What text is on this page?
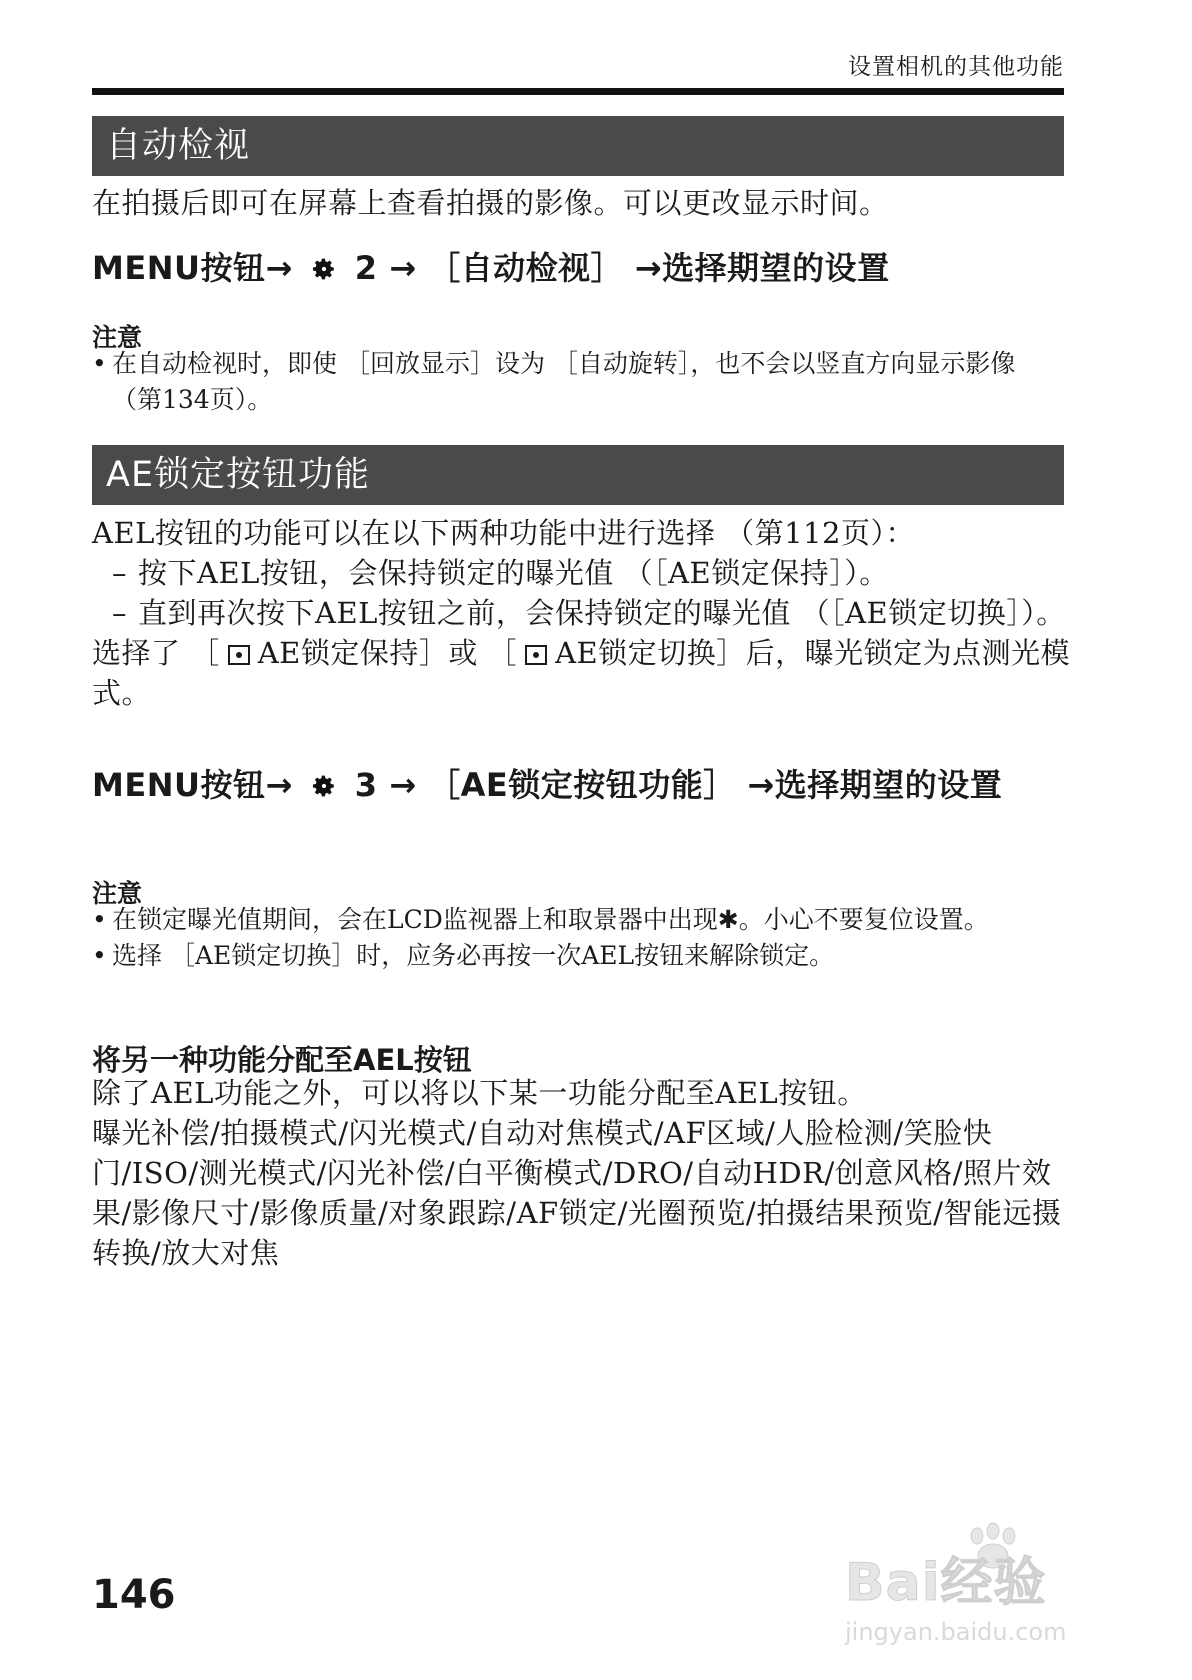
设置相机的其他功能
自动检视
在拍摄后即可在屏幕上查看拍摄的影像。可以更改显示时间。
MENU按钮→ 2 → ［自动检视］ →选择期望的设置
注意
• 在自动检视时，即使 ［回放显示］设为 ［自动旋转］，也不会以竖直方向显示影像 （第134页）。
AE锁定按钮功能
AEL按钮的功能可以在以下两种功能中进行选择 （第112页）：
– 按下AEL按钮，会保持锁定的曝光值 （［AE锁定保持］）。
– 直到再次按下AEL按钮之前，会保持锁定的曝光值 （［AE锁定切换］）。
选择了 ［ AE锁定保持］或 ［ AE锁定切换］后，曝光锁定为点测光模式。
MENU按钮→ 3 → ［AE锁定按钮功能］ →选择期望的设置
注意
• 在锁定曝光值期间，会在LCD监视器上和取景器中出现✱。小心不要复位设置。
• 选择 ［AE锁定切换］时，应务必再按一次AEL按钮来解除锁定。
将另一种功能分配至AEL按钮
除了AEL功能之外，可以将以下某一功能分配至AEL按钮。
曝光补偿/拍摄模式/闪光模式/自动对焦模式/AF区域/人脸检测/笑脸快门/ISO/测光模式/闪光补偿/白平衡模式/DRO/自动HDR/创意风格/照片效果/影像尺寸/影像质量/对象跟踪/AF锁定/光圈预览/拍摄结果预览/智能远摄转换/放大对焦
146	Bai经验
jingyan.baidu.com
